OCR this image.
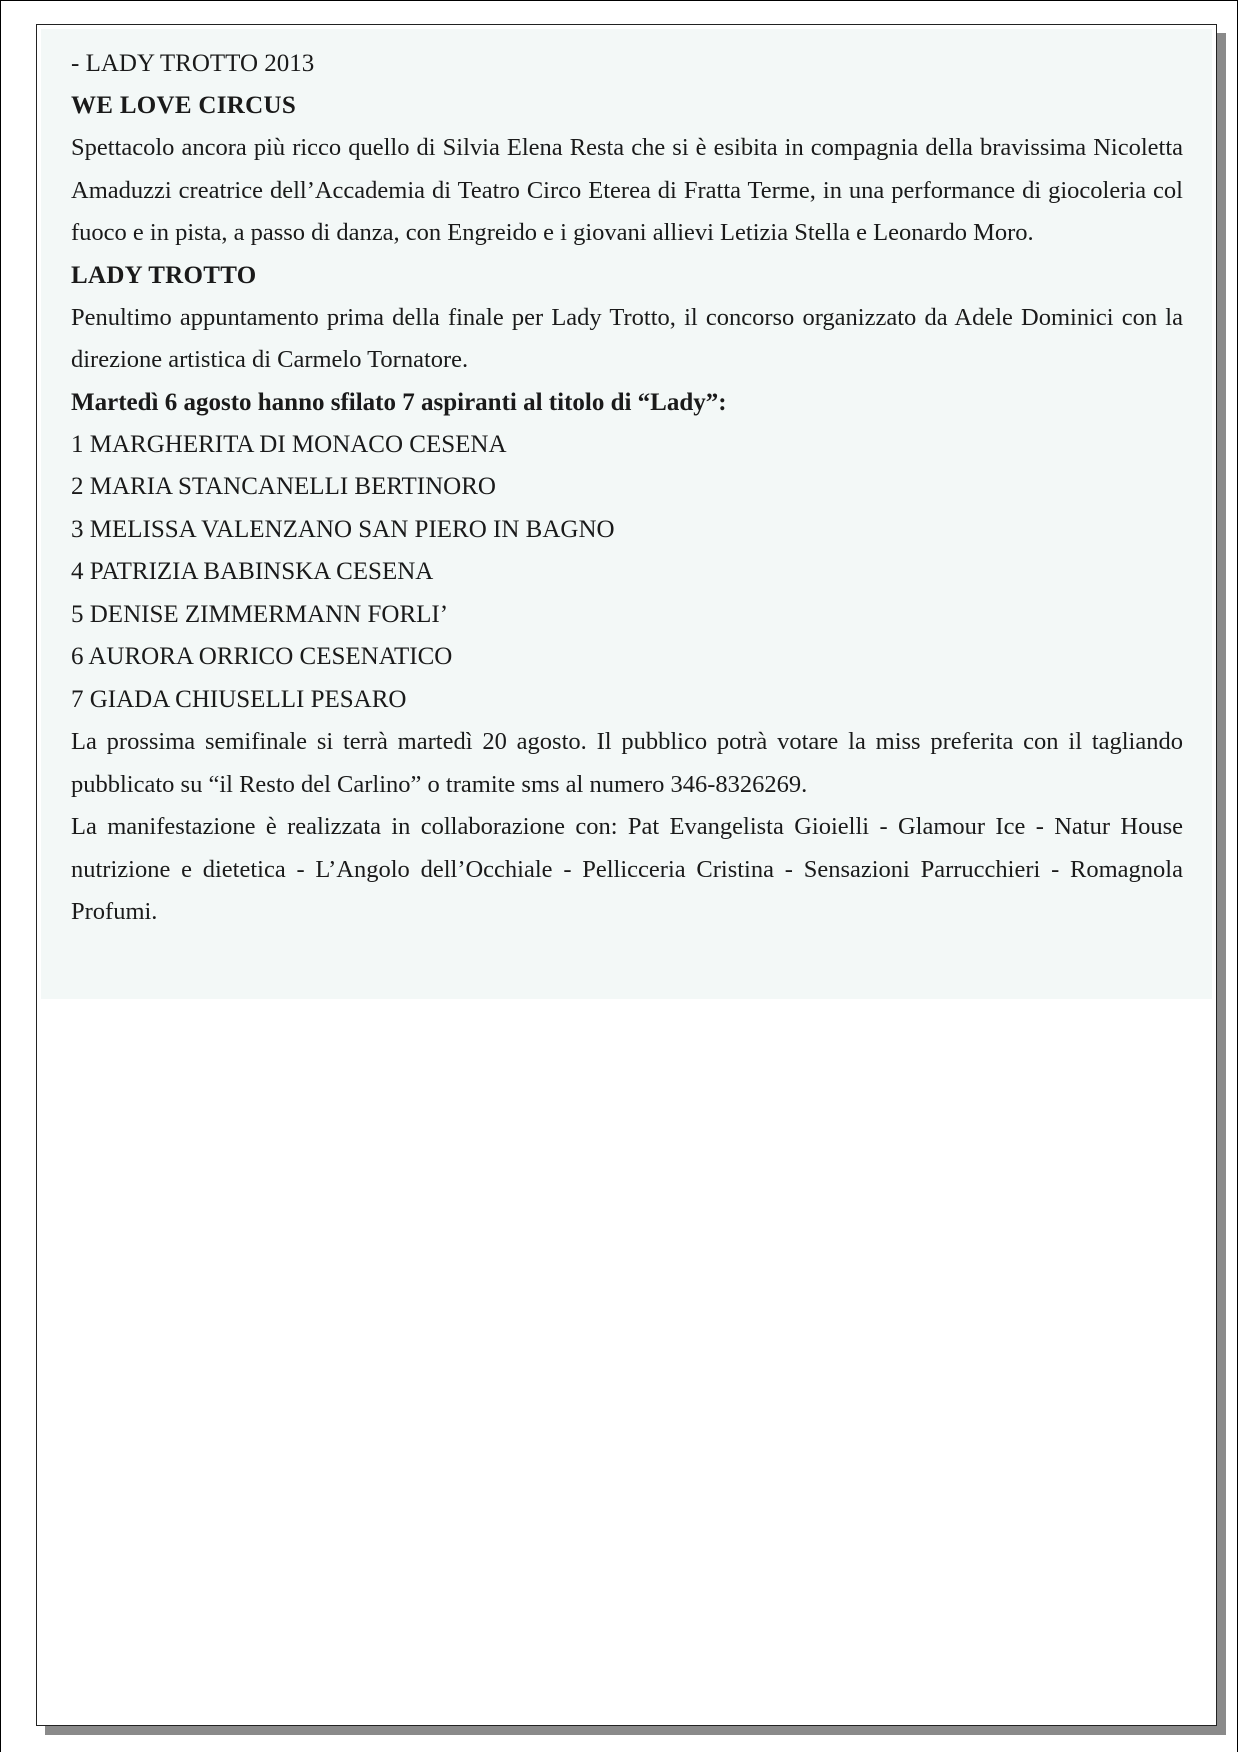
- LADY TROTTO 2013

WE LOVE CIRCUS

Spettacolo ancora più ricco quello di Silvia Elena Resta che si è esibita in compagnia della bravissima Nicoletta Amaduzzi creatrice dell’Accademia di Teatro Circo Eterea di Fratta Terme, in una performance di giocoleria col fuoco e in pista, a passo di danza, con Engreido e i giovani allievi Letizia Stella e Leonardo Moro.

LADY TROTTO

Penultimo appuntamento prima della finale per Lady Trotto, il concorso organizzato da Adele Dominici con la direzione artistica di Carmelo Tornatore.

Martedì 6 agosto hanno sfilato 7 aspiranti al titolo di “Lady”:

1 MARGHERITA DI MONACO CESENA
2 MARIA STANCANELLI BERTINORO
3 MELISSA VALENZANO SAN PIERO IN BAGNO
4 PATRIZIA BABINSKA CESENA
5 DENISE ZIMMERMANN FORLI’
6 AURORA ORRICO CESENATICO
7 GIADA CHIUSELLI PESARO

La prossima semifinale si terrà martedì 20 agosto. Il pubblico potrà votare la miss preferita con il tagliando pubblicato su “il Resto del Carlino” o tramite sms al numero 346-8326269.

La manifestazione è realizzata in collaborazione con: Pat Evangelista Gioielli - Glamour Ice - Natur House nutrizione e dietetica - L’Angolo dell’Occhiale - Pellicceria Cristina - Sensazioni Parrucchieri - Romagnola Profumi.
